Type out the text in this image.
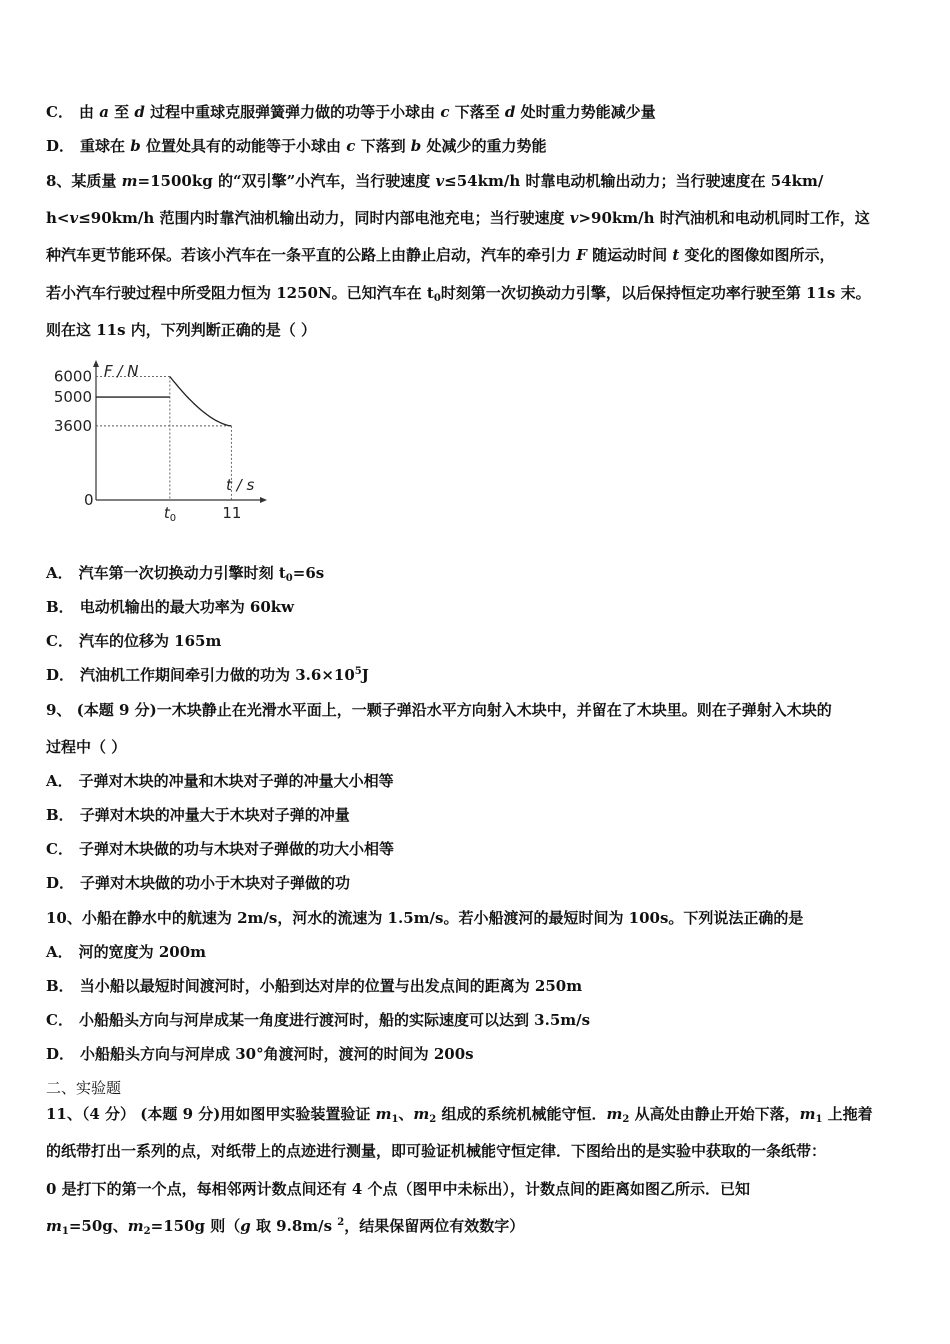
C． 由 a 至 d 过程中重球克服弹簧弹力做的功等于小球由 c 下落至 d 处时重力势能减少量
D． 重球在 b 位置处具有的动能等于小球由 c 下落到 b 处减少的重力势能
8、某质量 m=1500kg 的“双引擎”小汽车，当行驶速度 v≤54km/h 时靠电动机输出动力；当行驶速度在 54km/
h<v≤90km/h 范围内时靠汽油机输出动力，同时内部电池充电；当行驶速度 v>90km/h 时汽油机和电动机同时工作，这
种汽车更节能环保。若该小汽车在一条平直的公路上由静止启动，汽车的牵引力 F 随运动时间 t 变化的图像如图所示，
若小汽车行驶过程中所受阻力恒为 1250N。已知汽车在 $t_0$时刻第一次切换动力引擎，以后保持恒定功率行驶至第 11s 末。
则在这 11s 内，下列判断正确的是（ ）
F / N
t / s
6000
5000
3600
0
$t_0$	11
A． 汽车第一次切换动力引擎时刻 $t_0=6s$
B． 电动机输出的最大功率为 60kw
C． 汽车的位移为 165m
D． 汽油机工作期间牵引力做的功为 $3.6\times 10^5J$
9、 (本题 9 分)一木块静止在光滑水平面上，一颗子弹沿水平方向射入木块中，并留在了木块里。则在子弹射入木块的
过程中（ ）
A． 子弹对木块的冲量和木块对子弹的冲量大小相等
B． 子弹对木块的冲量大于木块对子弹的冲量
C． 子弹对木块做的功与木块对子弹做的功大小相等
D． 子弹对木块做的功小于木块对子弹做的功
10、小船在静水中的航速为 2m/s，河水的流速为 1.5m/s。若小船渡河的最短时间为 100s。下列说法正确的是
A． 河的宽度为 200m
B． 当小船以最短时间渡河时，小船到达对岸的位置与出发点间的距离为 250m
C． 小船船头方向与河岸成某一角度进行渡河时，船的实际速度可以达到 3.5m/s
D． 小船船头方向与河岸成 30°角渡河时，渡河的时间为 200s
二、实验题
11、（4 分） (本题 9 分)用如图甲实验装置验证 $m_1$、$m_2$ 组成的系统机械能守恒．$m_2$ 从高处由静止开始下落，$m_1$ 上拖着
的纸带打出一系列的点，对纸带上的点迹进行测量，即可验证机械能守恒定律．下图给出的是实验中获取的一条纸带：
0 是打下的第一个点，每相邻两计数点间还有 4 个点（图甲中未标出），计数点间的距离如图乙所示．已知
$m_1=50g$、$m_2=150g$ 则（g 取 9.8m/s $^2$，结果保留两位有效数字）
